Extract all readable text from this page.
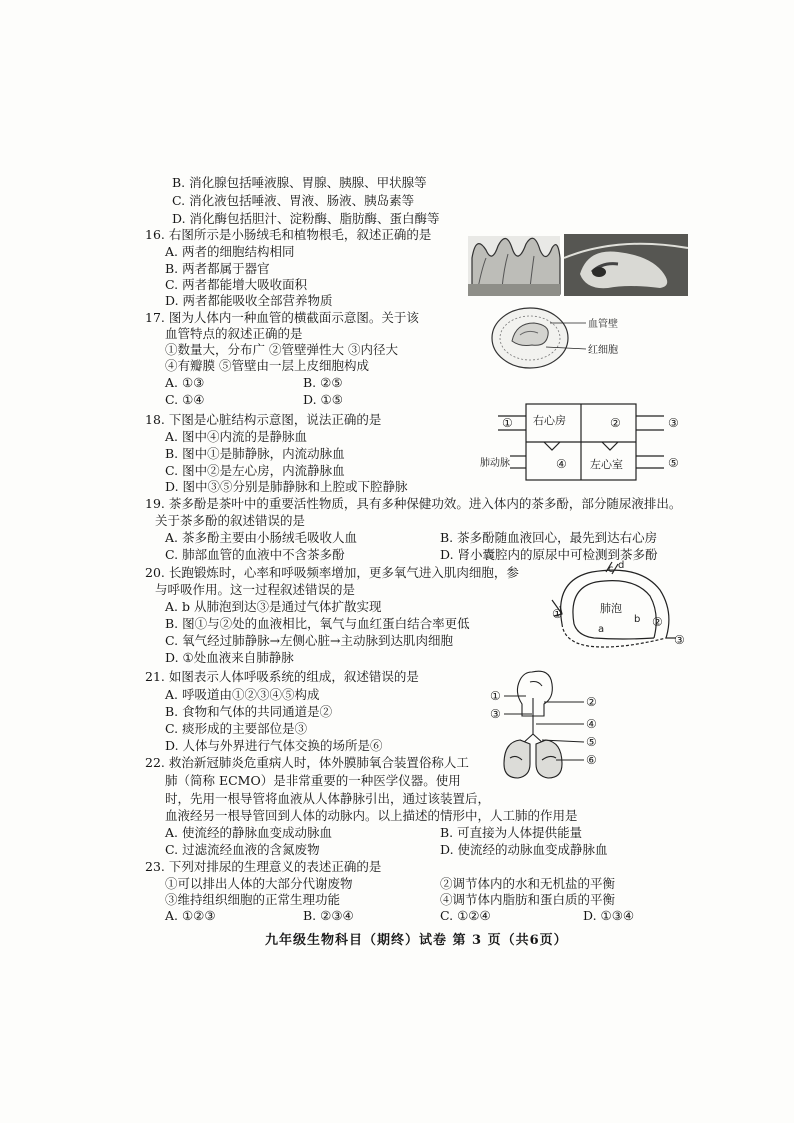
B. 消化腺包括唾液腺、胃腺、胰腺、甲状腺等
C. 消化液包括唾液、胃液、肠液、胰岛素等
D. 消化酶包括胆汁、淀粉酶、脂肪酶、蛋白酶等
16. 右图所示是小肠绒毛和植物根毛，叙述正确的是
A. 两者的细胞结构相同
B. 两者都属于器官
C. 两者都能增大吸收面积
D. 两者都能吸收全部营养物质
17. 图为人体内一种血管的横截面示意图。关于该
血管特点的叙述正确的是
①数量大，分布广 ②管壁弹性大 ③内径大
④有瓣膜 ⑤管壁由一层上皮细胞构成
A. ①③	B. ②⑤
C. ①④	D. ①⑤
血管壁
红细胞
18. 下图是心脏结构示意图，说法正确的是
A. 图中④内流的是静脉血
B. 图中①是肺静脉，内流动脉血
C. 图中②是左心房，内流静脉血
D. 图中③⑤分别是肺静脉和上腔或下腔静脉
右心房
左心室
肺动脉
①	②	③
④	⑤
19. 茶多酚是茶叶中的重要活性物质，具有多种保健功效。进入体内的茶多酚，部分随尿液排出。
关于茶多酚的叙述错误的是
A. 茶多酚主要由小肠绒毛吸收人血	B. 茶多酚随血液回心，最先到达右心房
C. 肺部血管的血液中不含茶多酚	D. 肾小囊腔内的原尿中可检测到茶多酚
20. 长跑锻炼时，心率和呼吸频率增加，更多氧气进入肌肉细胞，参
与呼吸作用。这一过程叙述错误的是
A. b 从肺泡到达③是通过气体扩散实现
B. 图①与②处的血液相比，氧气与血红蛋白结合率更低
C. 氧气经过肺静脉→左侧心脏→主动脉到达肌肉细胞
D. ①处血液来自肺静脉
肺泡
a
b
c d
①
②
③
21. 如图表示人体呼吸系统的组成，叙述错误的是
A. 呼吸道由①②③④⑤构成
B. 食物和气体的共同通道是②
C. 痰形成的主要部位是③
D. 人体与外界进行气体交换的场所是⑥
①	②
③
④
⑤
⑥
22. 救治新冠肺炎危重病人时，体外膜肺氧合装置俗称人工
肺（简称 ECMO）是非常重要的一种医学仪器。使用
时，先用一根导管将血液从人体静脉引出，通过该装置后，
血液经另一根导管回到人体的动脉内。以上描述的情形中，人工肺的作用是
A. 使流经的静脉血变成动脉血	B. 可直接为人体提供能量
C. 过滤流经血液的含氮废物	D. 使流经的动脉血变成静脉血
23. 下列对排尿的生理意义的表述正确的是
①可以排出人体的大部分代谢废物	②调节体内的水和无机盐的平衡
③维持组织细胞的正常生理功能	④调节体内脂肪和蛋白质的平衡
A. ①②③	B. ②③④	C. ①②④	D. ①③④
九年级生物科目（期终）试卷 第 3 页（共6页）
